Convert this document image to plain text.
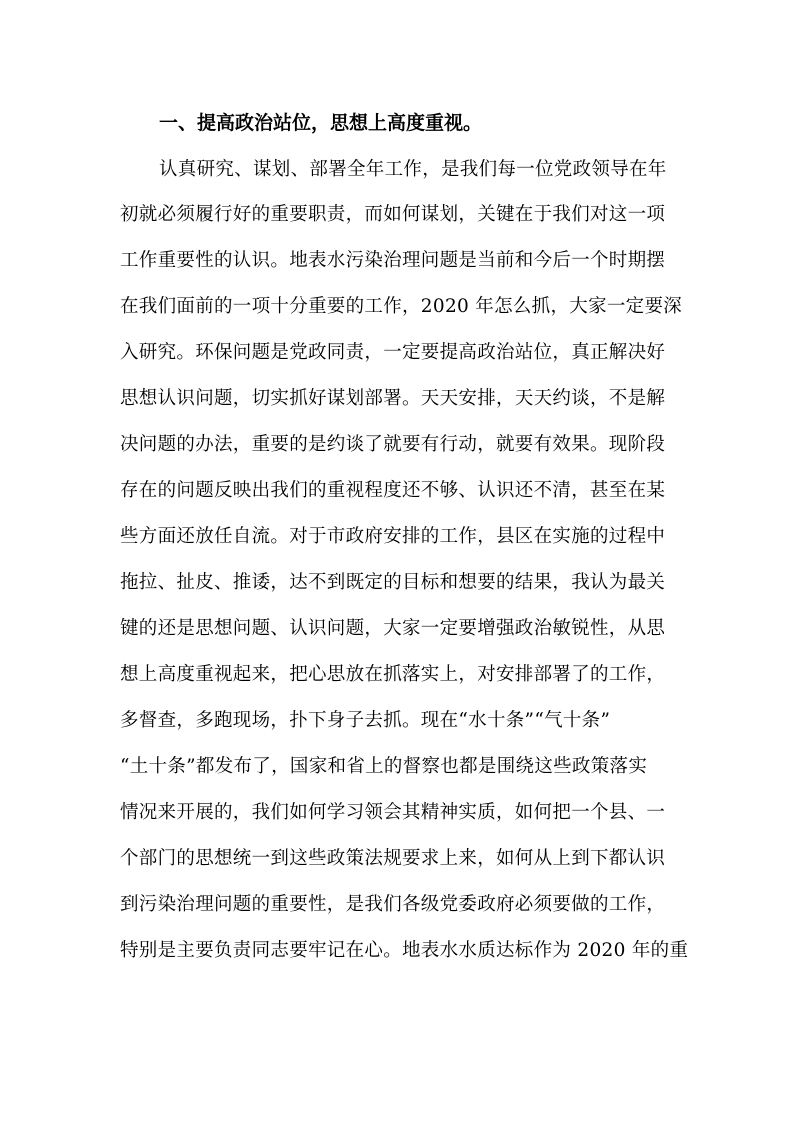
一、提高政治站位，思想上高度重视。
认真研究、谋划、部署全年工作，是我们每一位党政领导在年
初就必须履行好的重要职责，而如何谋划，关键在于我们对这一项
工作重要性的认识。地表水污染治理问题是当前和今后一个时期摆
在我们面前的一项十分重要的工作，2020 年怎么抓，大家一定要深
入研究。环保问题是党政同责，一定要提高政治站位，真正解决好
思想认识问题，切实抓好谋划部署。天天安排，天天约谈，不是解
决问题的办法，重要的是约谈了就要有行动，就要有效果。现阶段
存在的问题反映出我们的重视程度还不够、认识还不清，甚至在某
些方面还放任自流。对于市政府安排的工作，县区在实施的过程中
拖拉、扯皮、推诿，达不到既定的目标和想要的结果，我认为最关
键的还是思想问题、认识问题，大家一定要增强政治敏锐性，从思
想上高度重视起来，把心思放在抓落实上，对安排部署了的工作，
多督查，多跑现场，扑下身子去抓。现在“水十条”“气十条”
“土十条”都发布了，国家和省上的督察也都是围绕这些政策落实
情况来开展的，我们如何学习领会其精神实质，如何把一个县、一
个部门的思想统一到这些政策法规要求上来，如何从上到下都认识
到污染治理问题的重要性，是我们各级党委政府必须要做的工作，
特别是主要负责同志要牢记在心。地表水水质达标作为 2020 年的重
